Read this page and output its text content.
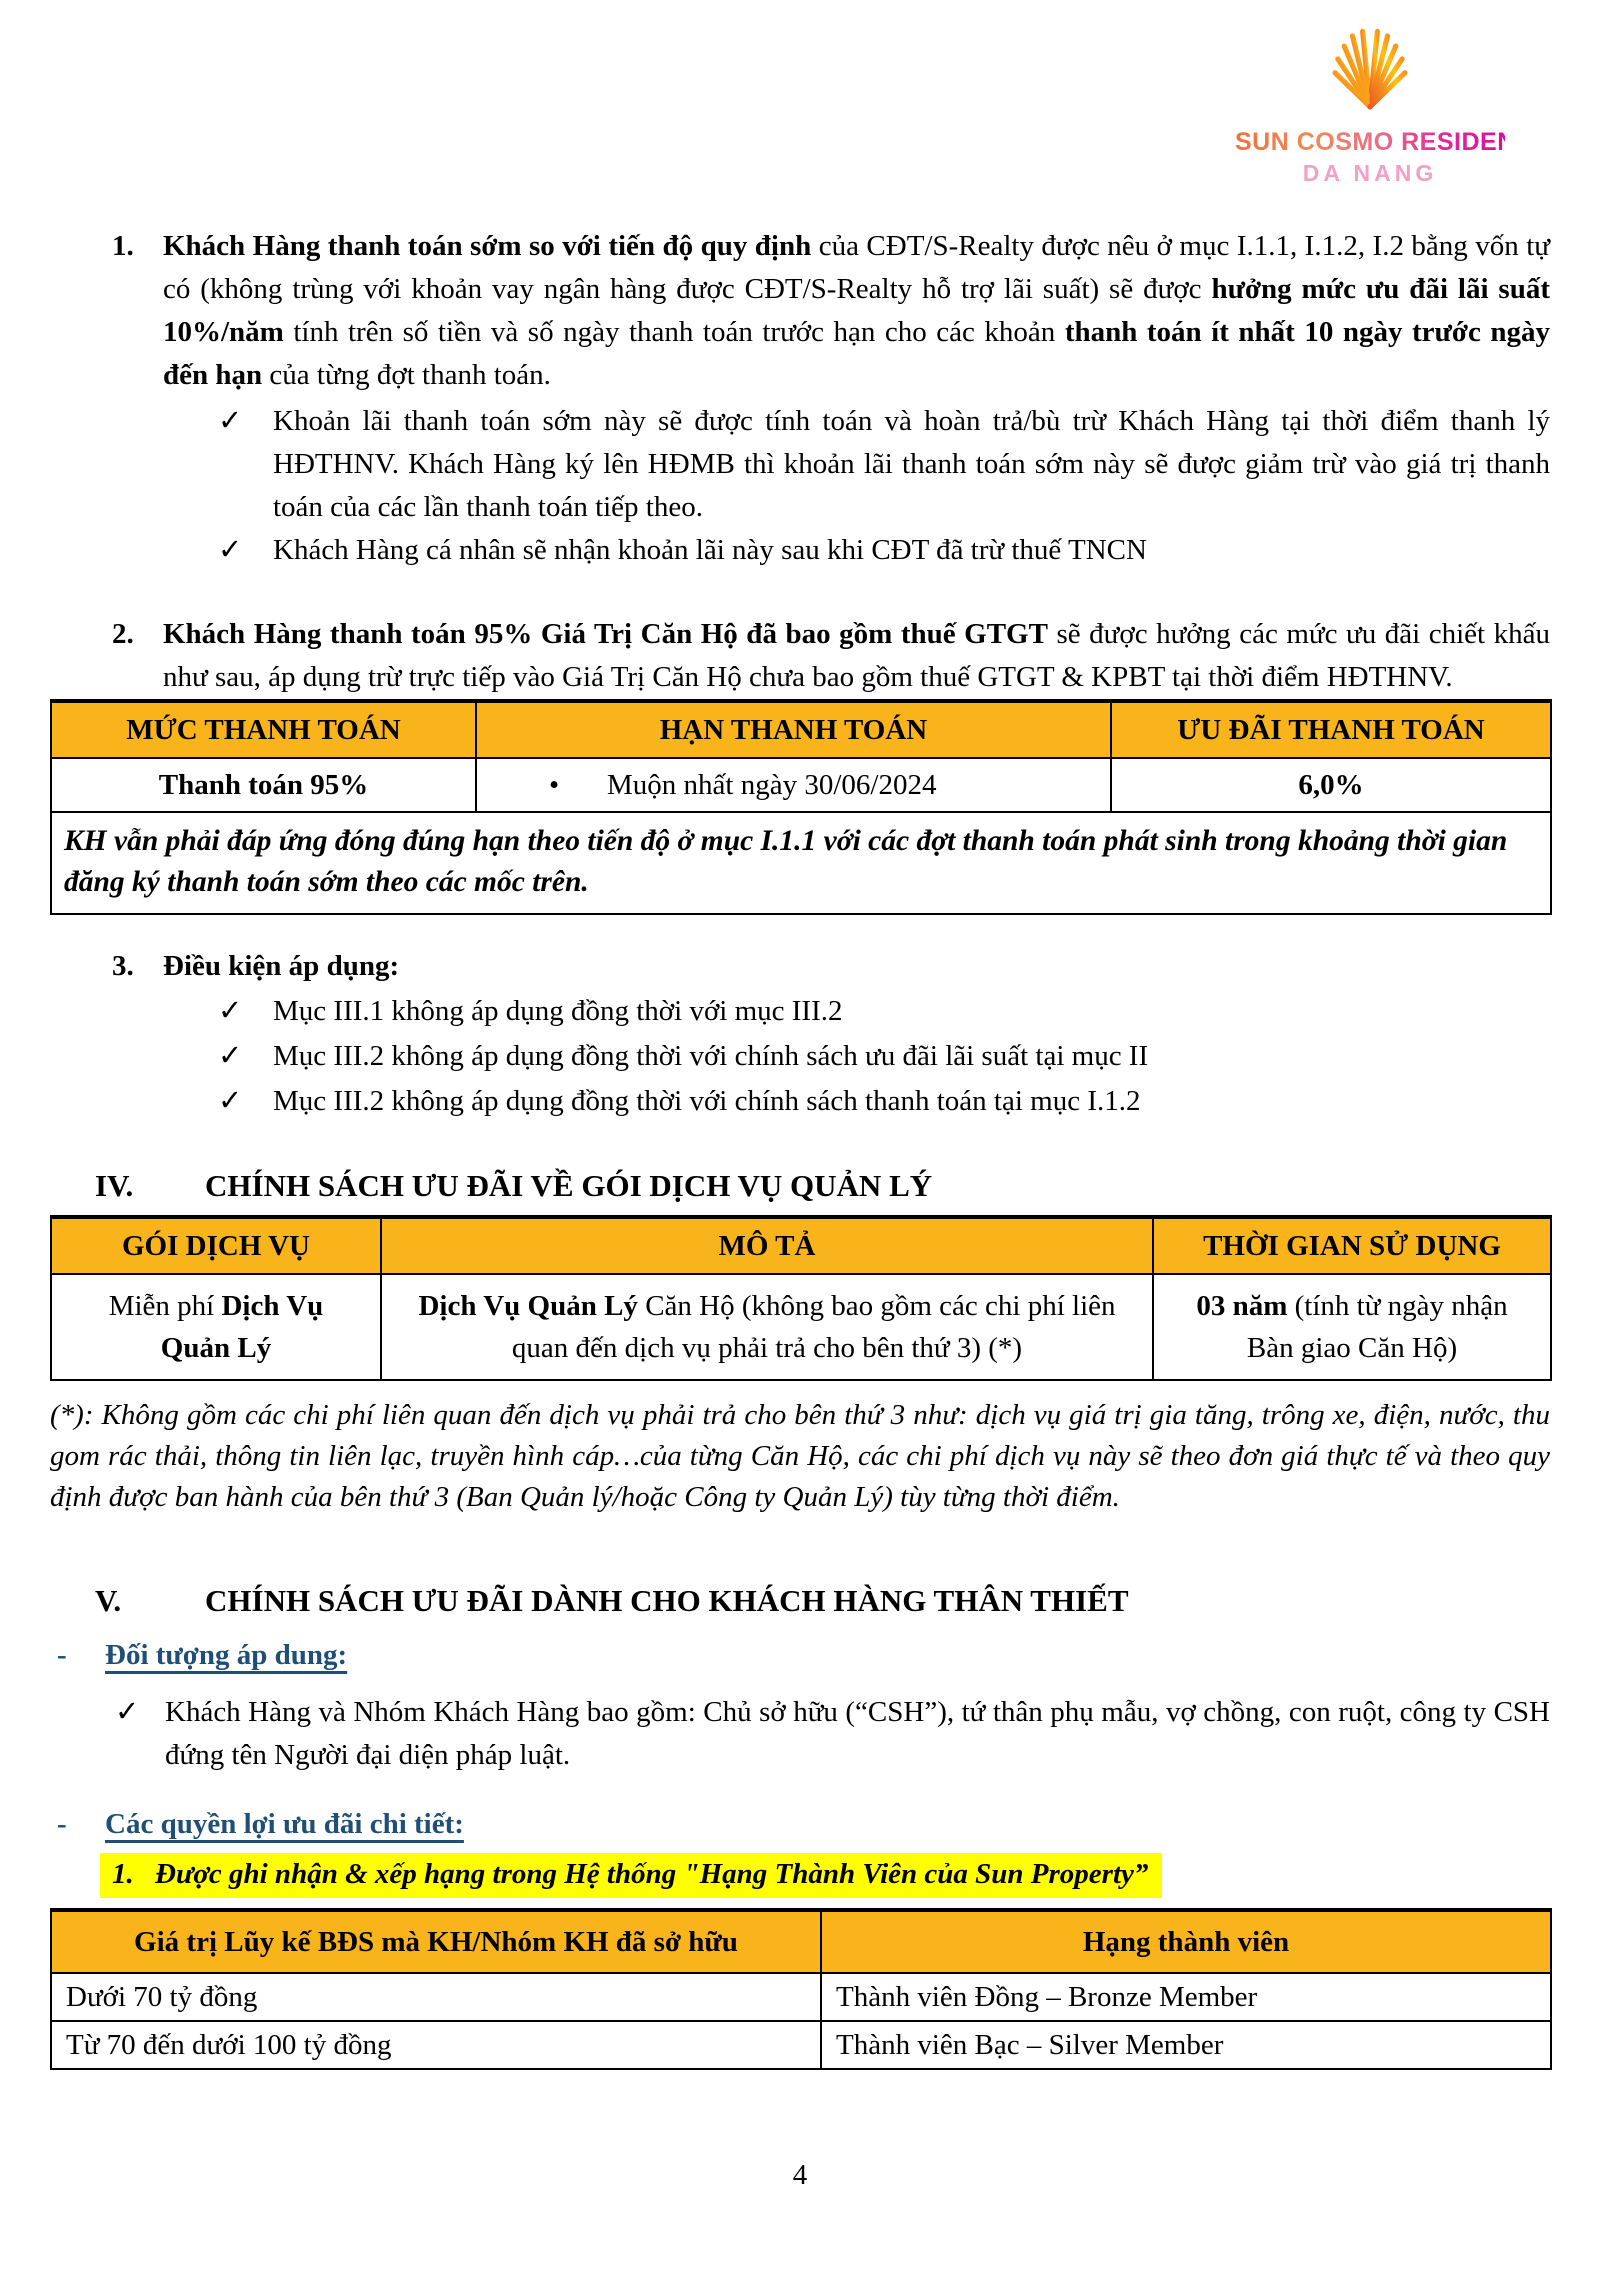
SUN COSMO RESIDENCE
DA NANG
1.	Khách Hàng thanh toán sớm so với tiến độ quy định của CĐT/S-Realty được nêu ở mục I.1.1, I.1.2, I.2 bằng vốn tự có (không trùng với khoản vay ngân hàng được CĐT/S-Realty hỗ trợ lãi suất) sẽ được hưởng mức ưu đãi lãi suất 10%/năm tính trên số tiền và số ngày thanh toán trước hạn cho các khoản thanh toán ít nhất 10 ngày trước ngày đến hạn của từng đợt thanh toán.

✓	Khoản lãi thanh toán sớm này sẽ được tính toán và hoàn trả/bù trừ Khách Hàng tại thời điểm thanh lý HĐTHNV. Khách Hàng ký lên HĐMB thì khoản lãi thanh toán sớm này sẽ được giảm trừ vào giá trị thanh toán của các lần thanh toán tiếp theo.

✓	Khách Hàng cá nhân sẽ nhận khoản lãi này sau khi CĐT đã trừ thuế TNCN

2.	Khách Hàng thanh toán 95% Giá Trị Căn Hộ đã bao gồm thuế GTGT sẽ được hưởng các mức ưu đãi chiết khấu như sau, áp dụng trừ trực tiếp vào Giá Trị Căn Hộ chưa bao gồm thuế GTGT & KPBT tại thời điểm HĐTHNV.

MỨC THANH TOÁN	HẠN THANH TOÁN	ƯU ĐÃI THANH TOÁN
Thanh toán 95%	• Muộn nhất ngày 30/06/2024	6,0%
KH vẫn phải đáp ứng đóng đúng hạn theo tiến độ ở mục I.1.1 với các đợt thanh toán phát sinh trong khoảng thời gian đăng ký thanh toán sớm theo các mốc trên.		
3.	Điều kiện áp dụng:

✓	Mục III.1 không áp dụng đồng thời với mục III.2

✓	Mục III.2 không áp dụng đồng thời với chính sách ưu đãi lãi suất tại mục II

✓	Mục III.2 không áp dụng đồng thời với chính sách thanh toán tại mục I.1.2

IV.	CHÍNH SÁCH ƯU ĐÃI VỀ GÓI DỊCH VỤ QUẢN LÝ
GÓI DỊCH VỤ	MÔ TẢ	THỜI GIAN SỬ DỤNG
Miễn phí Dịch Vụ Quản Lý	Dịch Vụ Quản Lý Căn Hộ (không bao gồm các chi phí liên quan đến dịch vụ phải trả cho bên thứ 3) (*)	03 năm (tính từ ngày nhận Bàn giao Căn Hộ)

(*): Không gồm các chi phí liên quan đến dịch vụ phải trả cho bên thứ 3 như: dịch vụ giá trị gia tăng, trông xe, điện, nước, thu gom rác thải, thông tin liên lạc, truyền hình cáp…của từng Căn Hộ, các chi phí dịch vụ này sẽ theo đơn giá thực tế và theo quy định được ban hành của bên thứ 3 (Ban Quản lý/hoặc Công ty Quản Lý) tùy từng thời điểm.

V.	CHÍNH SÁCH ƯU ĐÃI DÀNH CHO KHÁCH HÀNG THÂN THIẾT
-	Đối tượng áp dung:
✓ Khách Hàng và Nhóm Khách Hàng bao gồm: Chủ sở hữu (“CSH”), tứ thân phụ mẫu, vợ chồng, con ruột, công ty CSH đứng tên Người đại diện pháp luật.

-	Các quyền lợi ưu đãi chi tiết:
1. Được ghi nhận & xếp hạng trong Hệ thống "Hạng Thành Viên của Sun Property”
Giá trị Lũy kế BĐS mà KH/Nhóm KH đã sở hữu	Hạng thành viên
Dưới 70 tỷ đồng	Thành viên Đồng – Bronze Member
Từ 70 đến dưới 100 tỷ đồng	Thành viên Bạc – Silver Member
4
